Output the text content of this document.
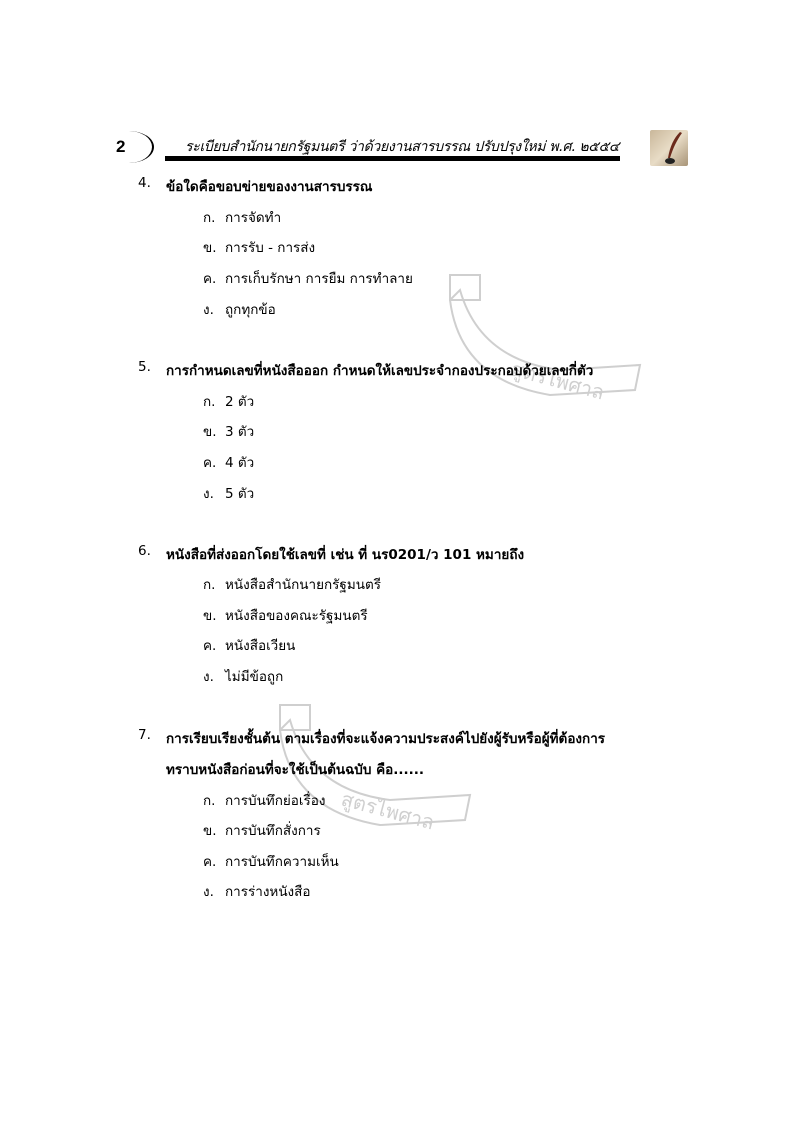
2	ระเบียบสำนักนายกรัฐมนตรี ว่าด้วยงานสารบรรณ ปรับปรุงใหม่ พ.ศ. ๒๕๕๔
สูตรไพศาล
สูตรไพศาล
4. ข้อใดคือขอบข่ายของงานสารบรรณ
ก. การจัดทำ
ข. การรับ - การส่ง
ค. การเก็บรักษา การยืม การทำลาย
ง. ถูกทุกข้อ
5. การกำหนดเลขที่หนังสือออก กำหนดให้เลขประจำกองประกอบด้วยเลขกี่ตัว
ก. 2 ตัว
ข. 3 ตัว
ค. 4 ตัว
ง. 5 ตัว
6. หนังสือที่ส่งออกโดยใช้เลขที่ เช่น ที่ นร0201/ว 101 หมายถึง
ก. หนังสือสำนักนายกรัฐมนตรี
ข. หนังสือของคณะรัฐมนตรี
ค. หนังสือเวียน
ง. ไม่มีข้อถูก
7. การเรียบเรียงชั้นต้น ตามเรื่องที่จะแจ้งความประสงค์ไปยังผู้รับหรือผู้ที่ต้องการ
ทราบหนังสือก่อนที่จะใช้เป็นต้นฉบับ คือ......
ก. การบันทึกย่อเรื่อง
ข. การบันทึกสั่งการ
ค. การบันทึกความเห็น
ง. การร่างหนังสือ
